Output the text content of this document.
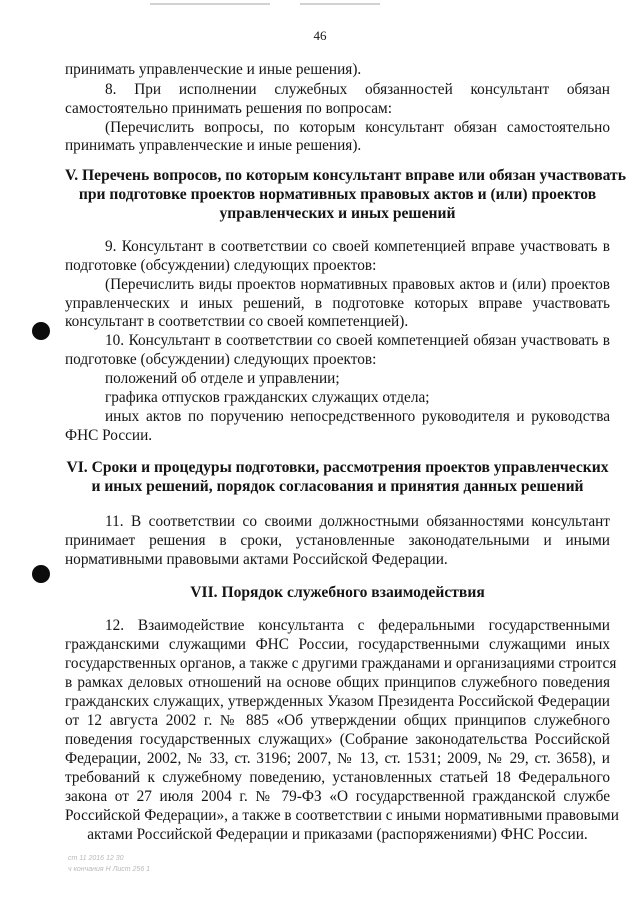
46
принимать управленческие и иные решения).
8. При исполнении служебных обязанностей консультант обязан
самостоятельно принимать решения по вопросам:
(Перечислить вопросы, по которым консультант обязан самостоятельно
принимать управленческие и иные решения).
V. Перечень вопросов, по которым консультант вправе или обязан участвовать
при подготовке проектов нормативных правовых актов и (или) проектов
управленческих и иных решений
9. Консультант в соответствии со своей компетенцией вправе участвовать в
подготовке (обсуждении) следующих проектов:
(Перечислить виды проектов нормативных правовых актов и (или) проектов
управленческих и иных решений, в подготовке которых вправе участвовать
консультант в соответствии со своей компетенцией).
10. Консультант в соответствии со своей компетенцией обязан участвовать в
подготовке (обсуждении) следующих проектов:
положений об отделе и управлении;
графика отпусков гражданских служащих отдела;
иных актов по поручению непосредственного руководителя и руководства
ФНС России.
VI. Сроки и процедуры подготовки, рассмотрения проектов управленческих
и иных решений, порядок согласования и принятия данных решений
11. В соответствии со своими должностными обязанностями консультант
принимает решения в сроки, установленные законодательными и иными
нормативными правовыми актами Российской Федерации.
VII. Порядок служебного взаимодействия
12. Взаимодействие консультанта с федеральными государственными
гражданскими служащими ФНС России, государственными служащими иных
государственных органов, а также с другими гражданами и организациями строится
в рамках деловых отношений на основе общих принципов служебного поведения
гражданских служащих, утвержденных Указом Президента Российской Федерации
от 12 августа 2002 г. № 885 «Об утверждении общих принципов служебного
поведения государственных служащих» (Собрание законодательства Российской
Федерации, 2002, № 33, ст. 3196; 2007, № 13, ст. 1531; 2009, № 29, ст. 3658), и
требований к служебному поведению, установленных статьей 18 Федерального
закона от 27 июля 2004 г. № 79-ФЗ «О государственной гражданской службе
Российской Федерации», а также в соответствии с иными нормативными правовыми
актами Российской Федерации и приказами (распоряжениями) ФНС России.
ст 11 2016 12 30
ч кончания Н Лист 256 1
